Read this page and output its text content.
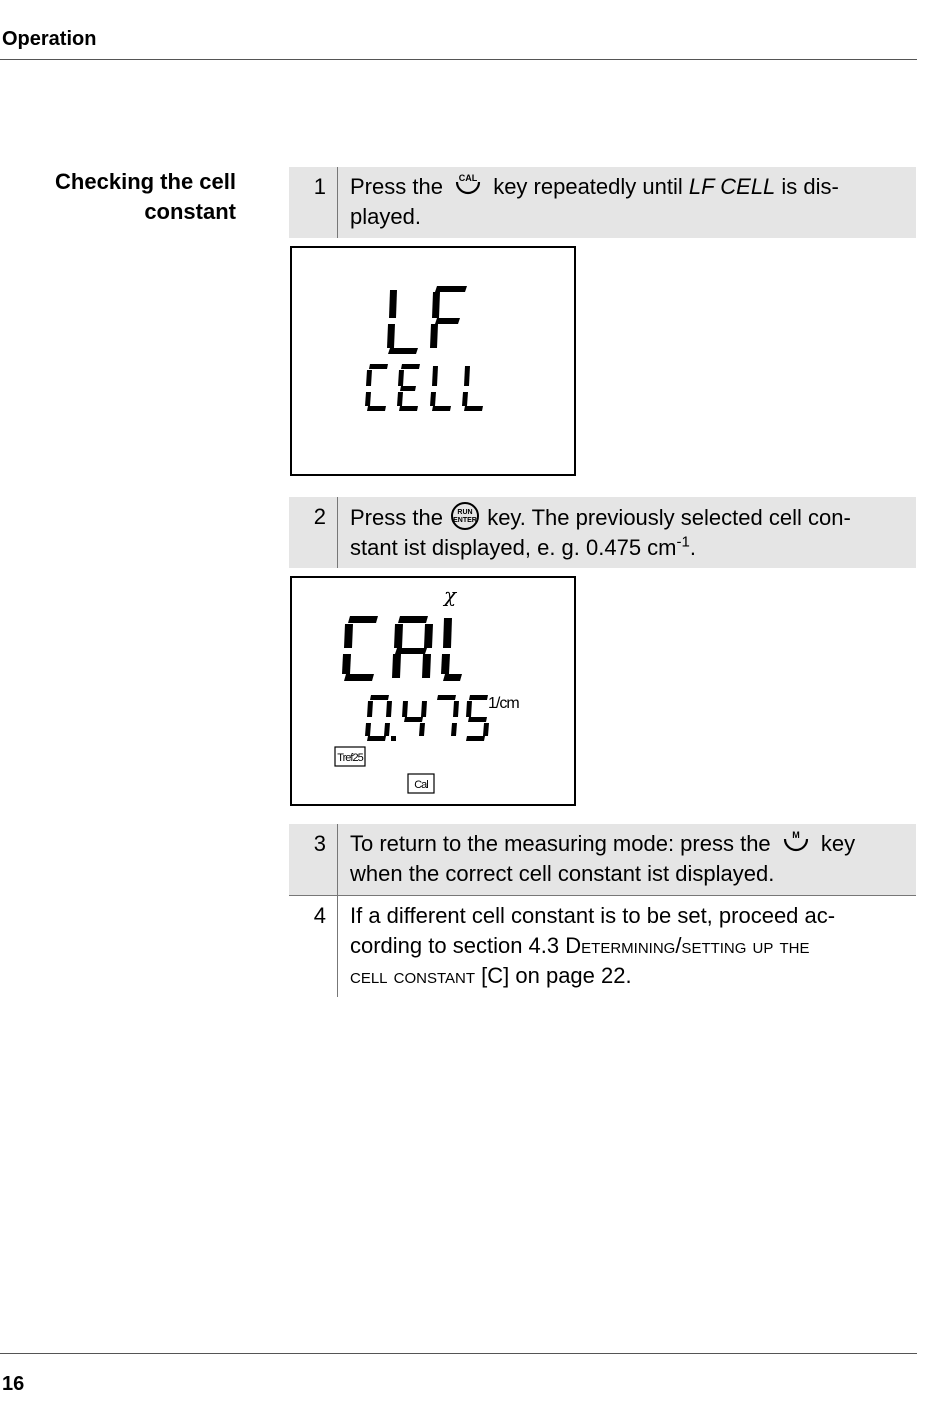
Operation
Checking the cell
constant
1	Press the CAL key repeatedly until LF CELL is dis-
played.
2	Press the RUN
ENTER key. The previously selected cell con-
stant ist displayed, e. g. 0.475 $cm^{-1}$.
χ
1/cm
Tref25
Cal
3	To return to the measuring mode: press the M key
when the correct cell constant ist displayed.
4	If a different cell constant is to be set, proceed ac-
cording to section 4.3 Determining/setting up the
cell constant [C] on page 22.
16
